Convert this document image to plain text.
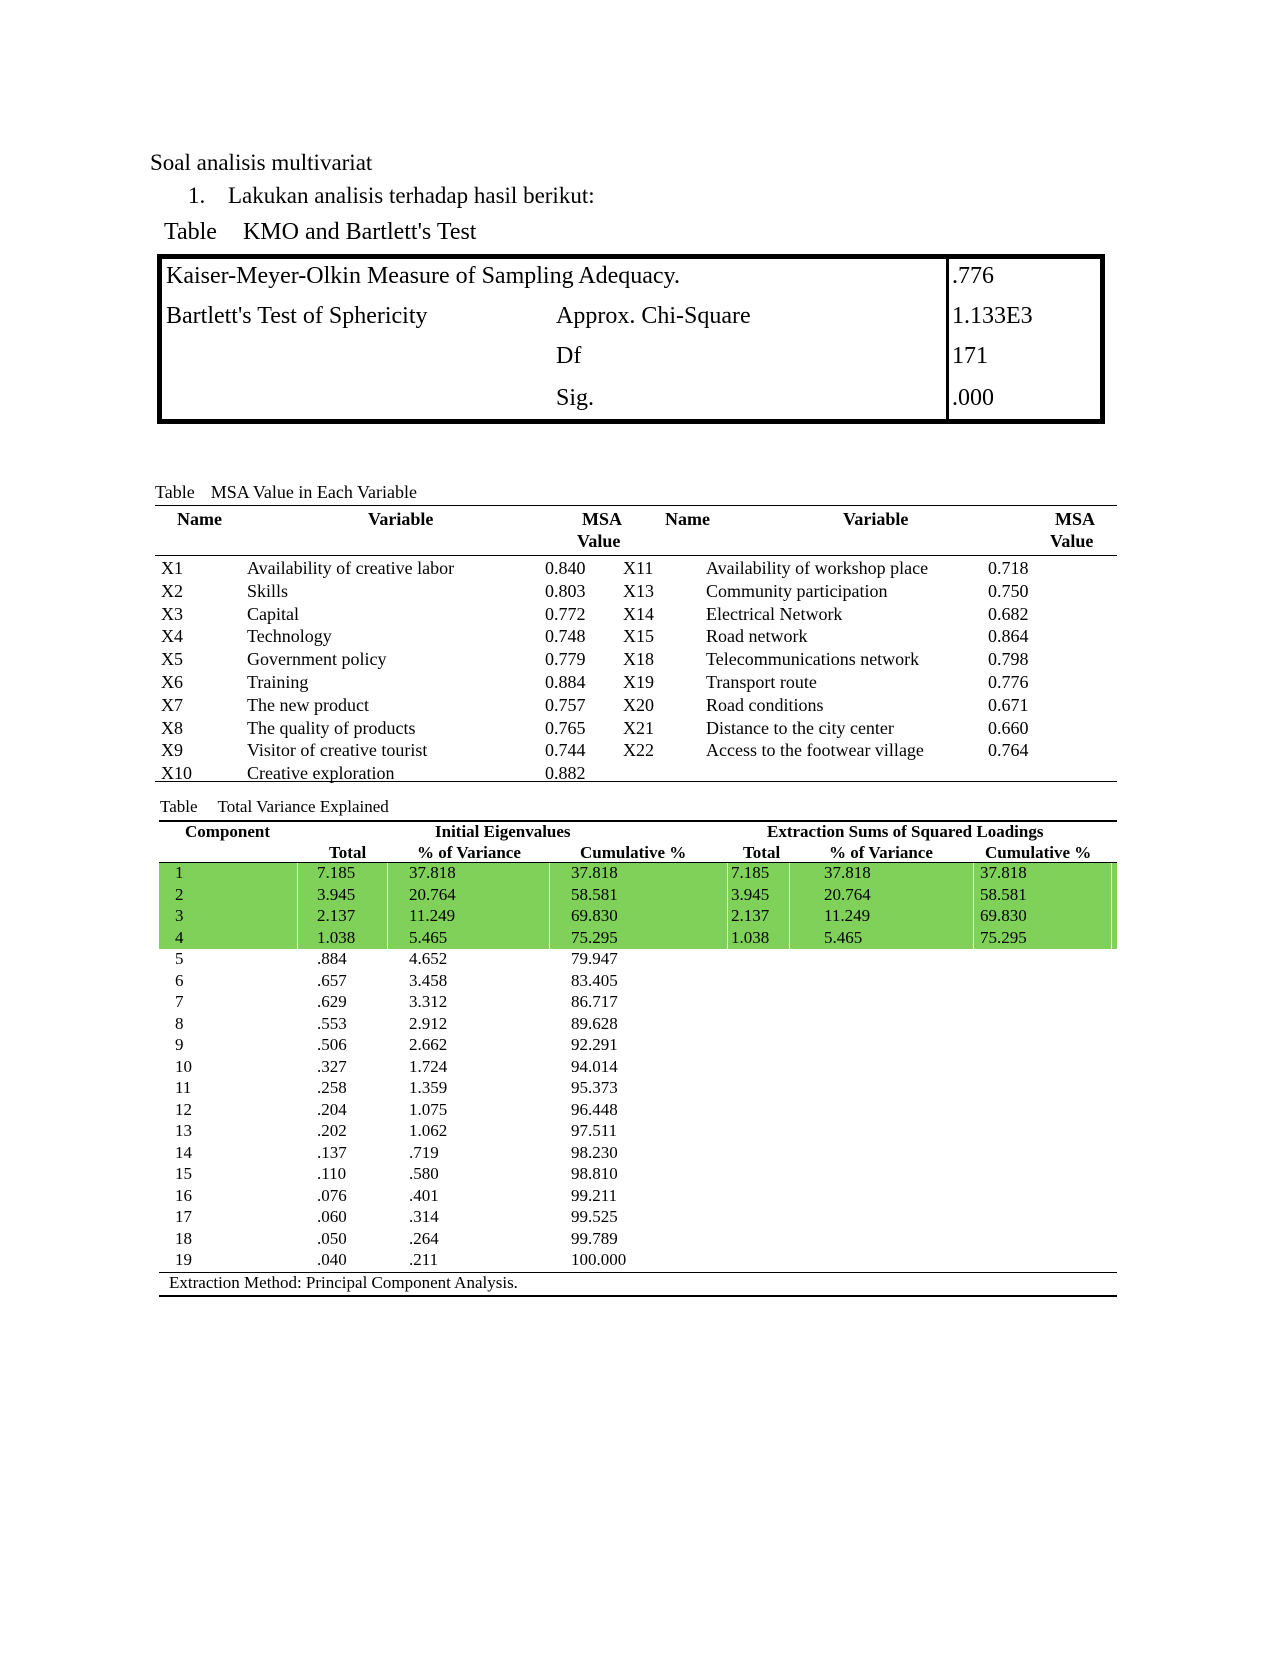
Soal analisis multivariat
1. Lakukan analisis terhadap hasil berikut:
Table KMO and Bartlett's Test
Kaiser-Meyer-Olkin Measure of Sampling Adequacy.	.776
Bartlett's Test of Sphericity	Approx. Chi-Square	1.133E3
Df	171
Sig.	.000
Table MSA Value in Each Variable
Name	Variable	MSA
Value
Name	Variable	MSA
Value
X1	Availability of creative labor	0.840 X11	Availability of workshop place	0.718
X2	Skills	0.803 X13	Community participation	0.750
X3	Capital	0.772 X14	Electrical Network	0.682
X4	Technology	0.748 X15	Road network	0.864
X5	Government policy	0.779 X18	Telecommunications network	0.798
X6	Training	0.884 X19	Transport route	0.776
X7	The new product	0.757 X20	Road conditions	0.671
X8	The quality of products	0.765 X21	Distance to the city center	0.660
X9	Visitor of creative tourist	0.744 X22	Access to the footwear village	0.764
X10	Creative exploration	0.882
Table Total Variance Explained
Component	Initial Eigenvalues	Extraction Sums of Squared Loadings
Total	% of Variance	Cumulative %	Total	% of Variance	Cumulative %
1	7.185	37.818	37.818	7.185	37.818	37.818
2	3.945	20.764	58.581	3.945	20.764	58.581
3	2.137	11.249	69.830	2.137	11.249	69.830
4	1.038	5.465	75.295	1.038	5.465	75.295
5	.884	4.652	79.947
6	.657	3.458	83.405
7	.629	3.312	86.717
8	.553	2.912	89.628
9	.506	2.662	92.291
10	.327	1.724	94.014
11	.258	1.359	95.373
12	.204	1.075	96.448
13	.202	1.062	97.511
14	.137	.719	98.230
15	.110	.580	98.810
16	.076	.401	99.211
17	.060	.314	99.525
18	.050	.264	99.789
19	.040	.211	100.000
Extraction Method: Principal Component Analysis.
